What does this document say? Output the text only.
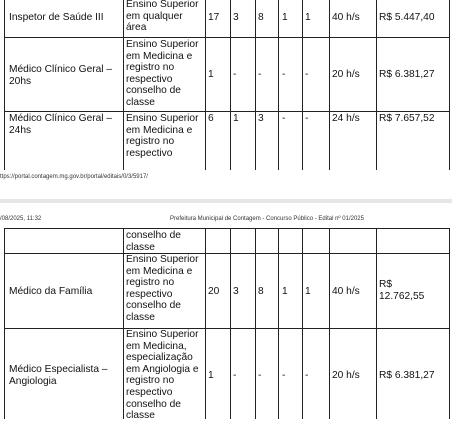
Inspetor de Saúde III
Ensino Superior
em qualquer
área
17 3 8 1 1 40 h/s R$ 5.447,40
Médico Clínico Geral –
20hs
Ensino Superior
em Medicina e
registro no
respectivo
conselho de
classe
1 - - - - 20 h/s R$ 6.381,27
Médico Clínico Geral –
24hs
Ensino Superior
em Medicina e
registro no
respectivo
6 1 3 - - 24 h/s R$ 7.657,52
ttps://portal.contagem.mg.gov.br/portal/editais/0/3/5917/
/08/2025, 11:32	Prefeitura Municipal de Contagem - Concurso Público - Edital nº 01/2025
conselho de
classe
Médico da Família
Ensino Superior
em Medicina e
registro no
respectivo
conselho de
classe
20 3 8 1 1 40 h/s
R$
12.762,55
Médico Especialista –
Angiologia
Ensino Superior
em Medicina,
especialização
em Angiologia e
registro no
respectivo
conselho de
classe
1 - - - - 20 h/s R$ 6.381,27
